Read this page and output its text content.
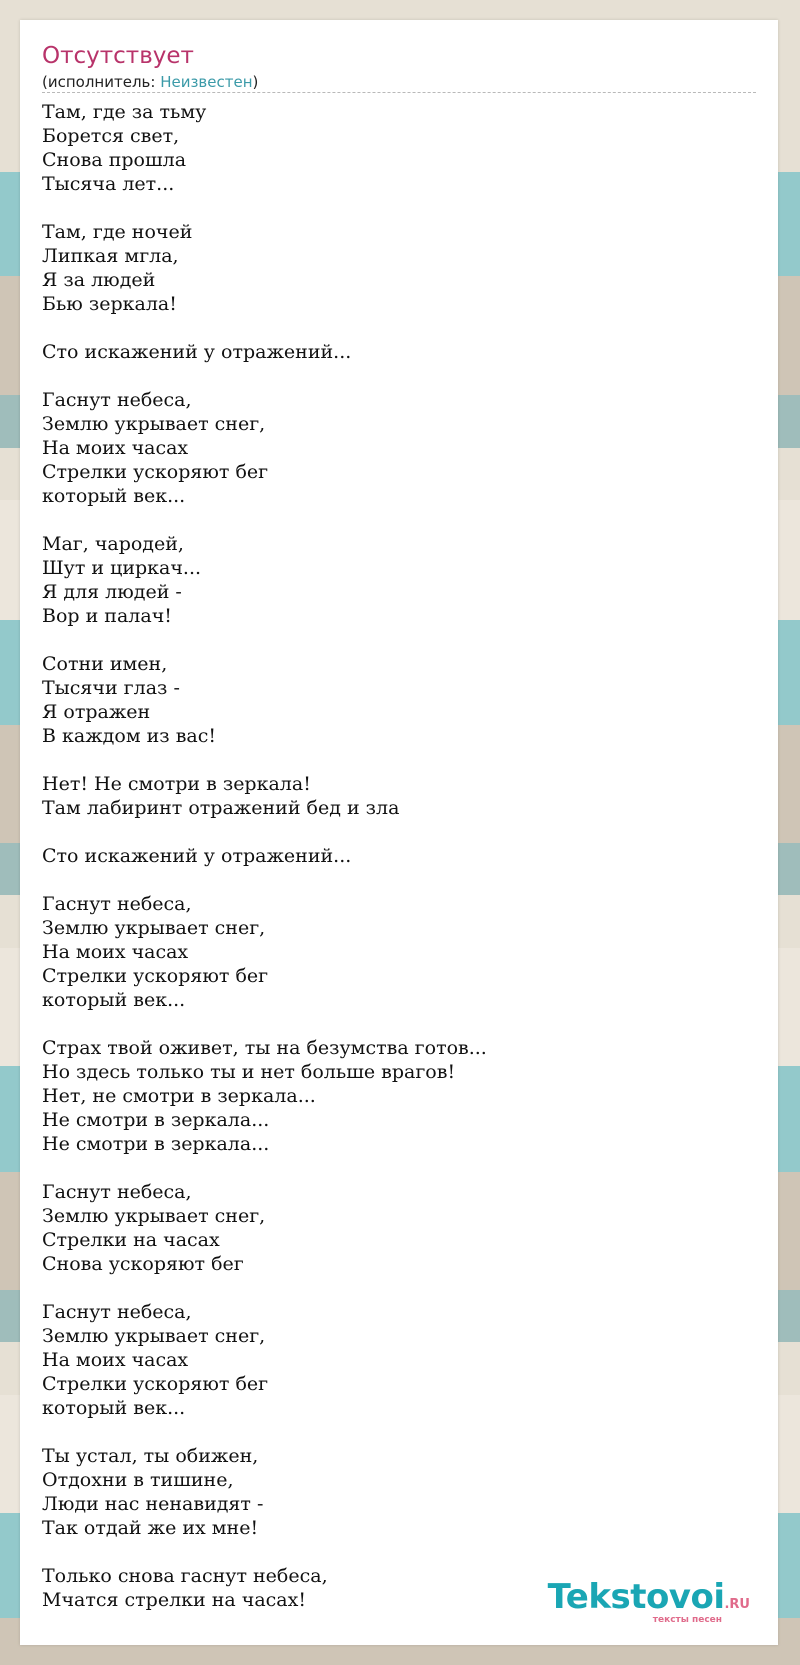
Отсутствует
(исполнитель: Неизвестен)
Там, где за тьму
Борется свет,
Снова прошла
Тысяча лет...
Там, где ночей
Липкая мгла,
Я за людей
Бью зеркала!
Сто искажений у отражений...
Гаснут небеса,
Землю укрывает снег,
На моих часах
Стрелки ускоряют бег
который век...
Маг, чародей,
Шут и циркач...
Я для людей -
Вор и палач!
Сотни имен,
Тысячи глаз -
Я отражен
В каждом из вас!
Нет! Не смотри в зеркала!
Там лабиринт отражений бед и зла
Сто искажений у отражений...
Гаснут небеса,
Землю укрывает снег,
На моих часах
Стрелки ускоряют бег
который век...
Страх твой оживет, ты на безумства готов...
Но здесь только ты и нет больше врагов!
Нет, не смотри в зеркала...
Не смотри в зеркала...
Не смотри в зеркала...
Гаснут небеса,
Землю укрывает снег,
Стрелки на часах
Снова ускоряют бег
Гаснут небеса,
Землю укрывает снег,
На моих часах
Стрелки ускоряют бег
который век...
Ты устал, ты обижен,
Отдохни в тишине,
Люди нас ненавидят -
Так отдай же их мне!
Только снова гаснут небеса,
Мчатся стрелки на часах!	Tekstovoi.RU
тексты песен
